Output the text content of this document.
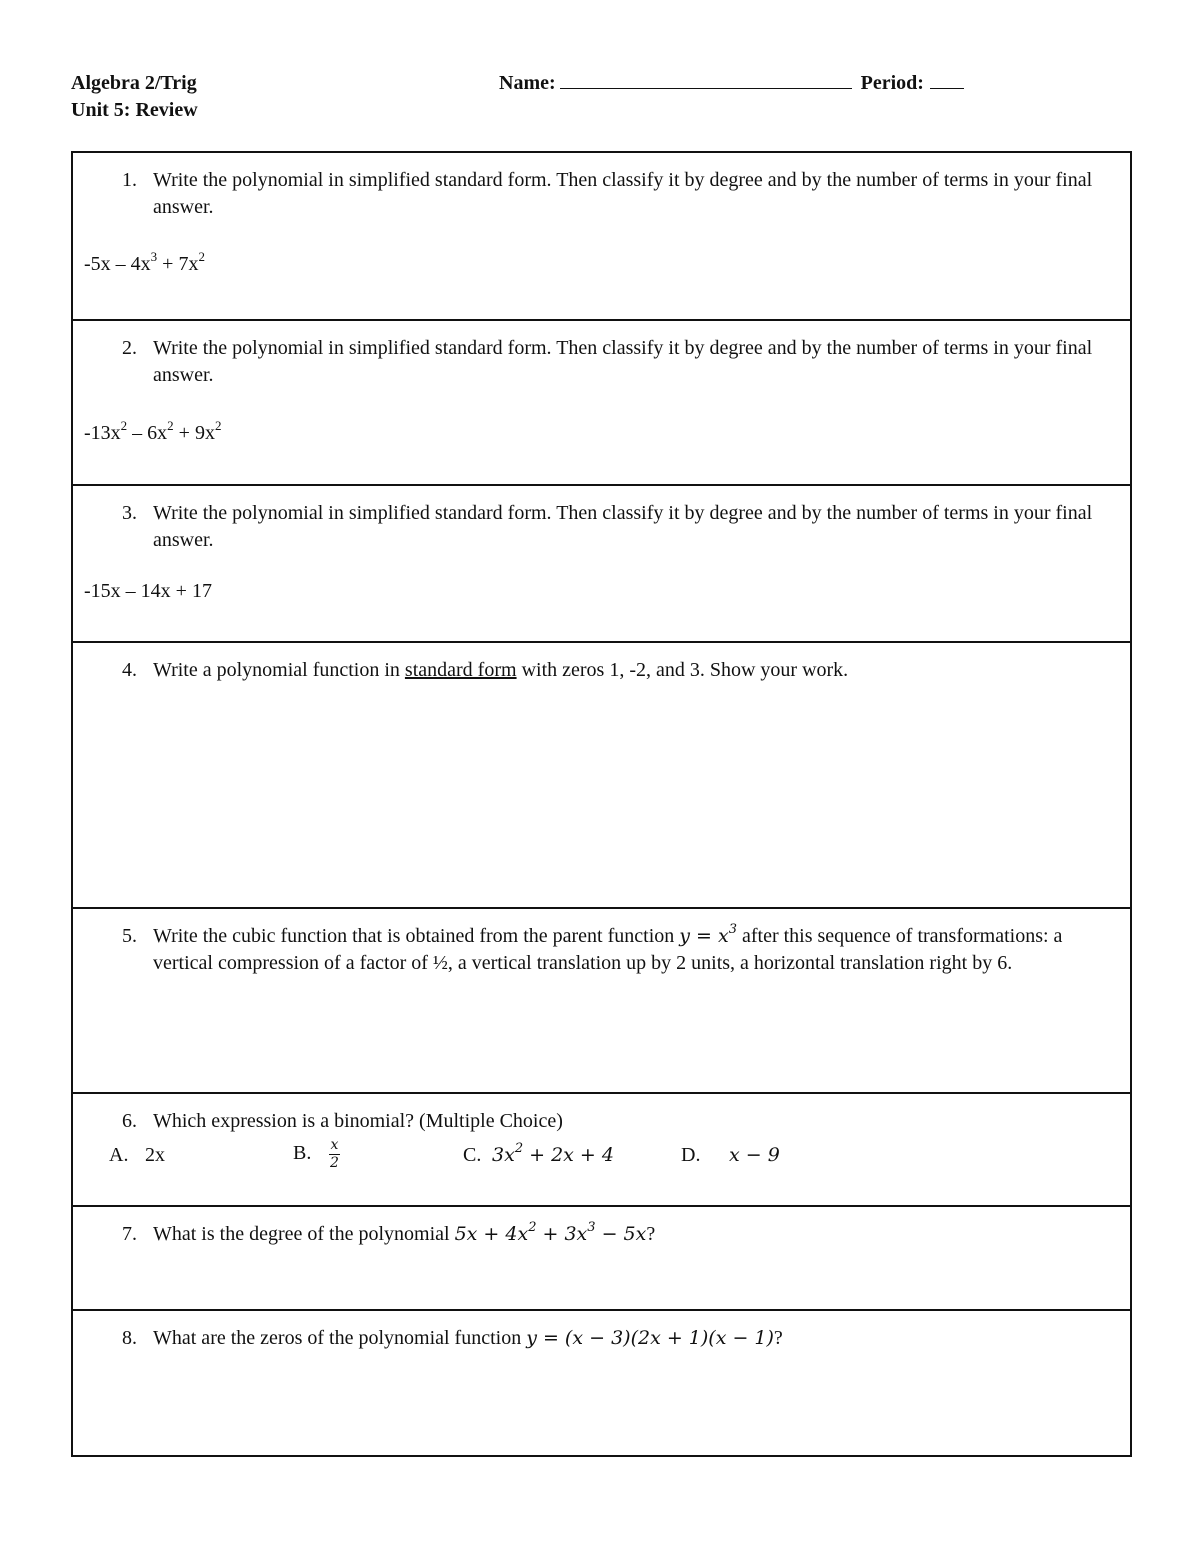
Algebra 2/Trig
Unit 5: Review
Name:	Period:
1. Write the polynomial in simplified standard form. Then classify it by degree and by the number of terms in your final answer.
$-5x - 4x^3 + 7x^2$
2. Write the polynomial in simplified standard form. Then classify it by degree and by the number of terms in your final answer.
$-13x^2 - 6x^2 + 9x^2$
3. Write the polynomial in simplified standard form. Then classify it by degree and by the number of terms in your final answer.
-15x – 14x + 17
4. Write a polynomial function in standard form with zeros 1, -2, and 3. Show your work.
5. Write the cubic function that is obtained from the parent function $y = x^3$ after this sequence of transformations: a vertical compression of a factor of ½, a vertical translation up by 2 units, a horizontal translation right by 6.
6. Which expression is a binomial? (Multiple Choice)
A. 2x	B. $\frac{x}{2}$	C. $3x^2 + 2x + 4$	D. x − 9
7. What is the degree of the polynomial $5x + 4x^2 + 3x^3 - 5x$?
8. What are the zeros of the polynomial function y = (x − 3)(2x + 1)(x − 1)?
